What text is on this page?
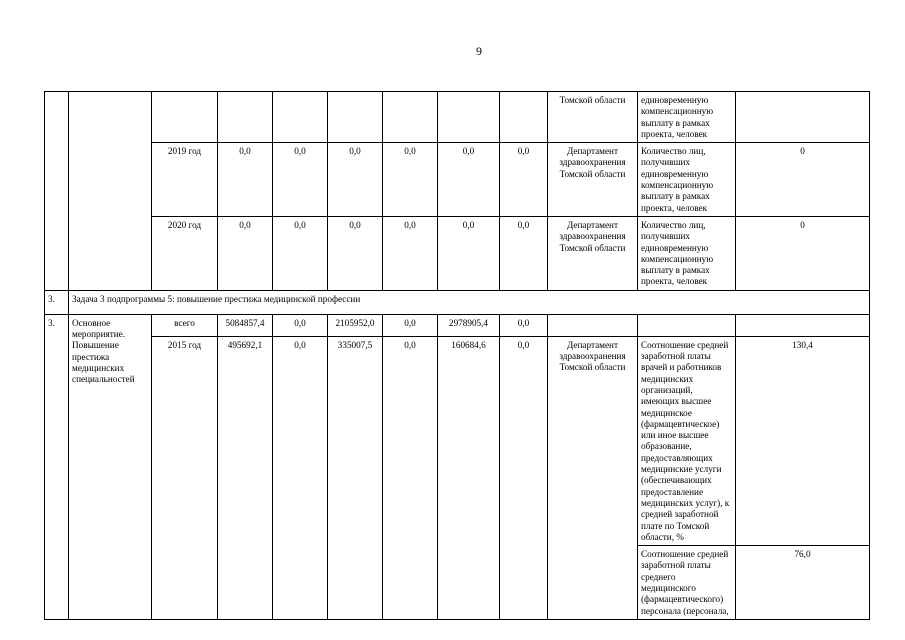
9
									Томской области	единовременную компенсационную выплату в рамках проекта, человек	
		2019 год	0,0	0,0	0,0	0,0	0,0	0,0	Департамент здравоохранения Томской области	Количество лиц, получивших единовременную компенсационную выплату в рамках проекта, человек	0
		2020 год	0,0	0,0	0,0	0,0	0,0	0,0	Департамент здравоохранения Томской области	Количество лиц, получивших единовременную компенсационную выплату в рамках проекта, человек	0
3.	Задача 3 подпрограммы 5: повышение престижа медицинской профессии										
3.	Основное мероприятие. Повышение престижа медицинских специальностей	всего	5084857,4	0,0	2105952,0	0,0	2978905,4	0,0			
		2015 год	495692,1	0,0	335007,5	0,0	160684,6	0,0	Департамент здравоохранения Томской области	Соотношение средней заработной платы врачей и работников медицинских организаций, имеющих высшее медицинское (фармацевтическое) или иное высшее образование, предоставляющих медицинские услуги (обеспечивающих предоставление медицинских услуг), к средней заработной плате по Томской области, %	130,4
										Соотношение средней заработной платы среднего медицинского (фармацевтического) персонала (персонала,	76,0
